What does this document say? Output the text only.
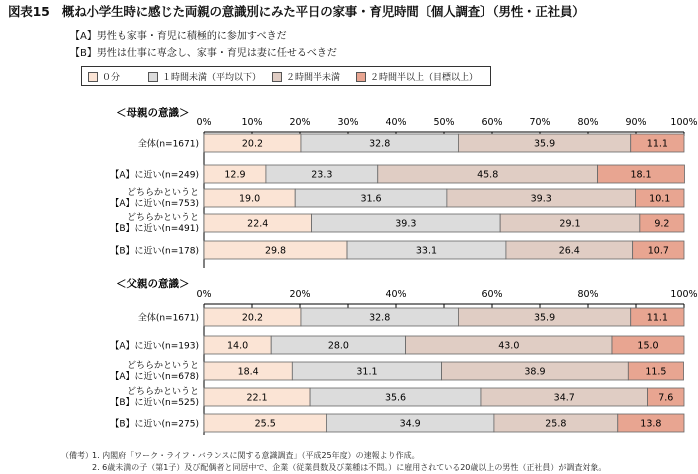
図表15　概ね小学生時に感じた両親の意識別にみた平日の家事・育児時間〔個人調査〕（男性・正社員）
【A】男性も家事・育児に積極的に参加すべきだ
【B】男性は仕事に専念し、家事・育児は妻に任せるべきだ
０分	１時間未満（平均以下）	２時間半未満	２時間半以上（目標以上）
＜母親の意識＞
0%	10%	20%	30%	40%	50%	60%	70%	80%	90%	100%
全体(n=1671)	20.2	32.8	35.9	11.1
【A】に近い(n=249)	12.9	23.3	45.8	18.1
どちらかというと
【A】に近い(n=753)	19.0	31.6	39.3	10.1
どちらかというと
【B】に近い(n=491)	22.4	39.3	29.1	9.2
【B】に近い(n=178)	29.8	33.1	26.4	10.7
＜父親の意識＞
0%	20%	40%	60%	80%	100%
全体(n=1671)	20.2	32.8	35.9	11.1
【A】に近い(n=193)	14.0	28.0	43.0	15.0
どちらかというと
【A】に近い(n=678)	18.4	31.1	38.9	11.5
どちらかというと
【B】に近い(n=525)	22.1	35.6	34.7	7.6
【B】に近い(n=275)	25.5	34.9	25.8	13.8
（備考） 1. 内閣府「ワーク・ライフ・バランスに関する意識調査」（平成25年度）の速報より作成。
2. 6歳未満の子（第1子）及び配偶者と同居中で、企業（従業員数及び業種は不問。）に雇用されている20歳以上の男性（正社員）が調査対象。
